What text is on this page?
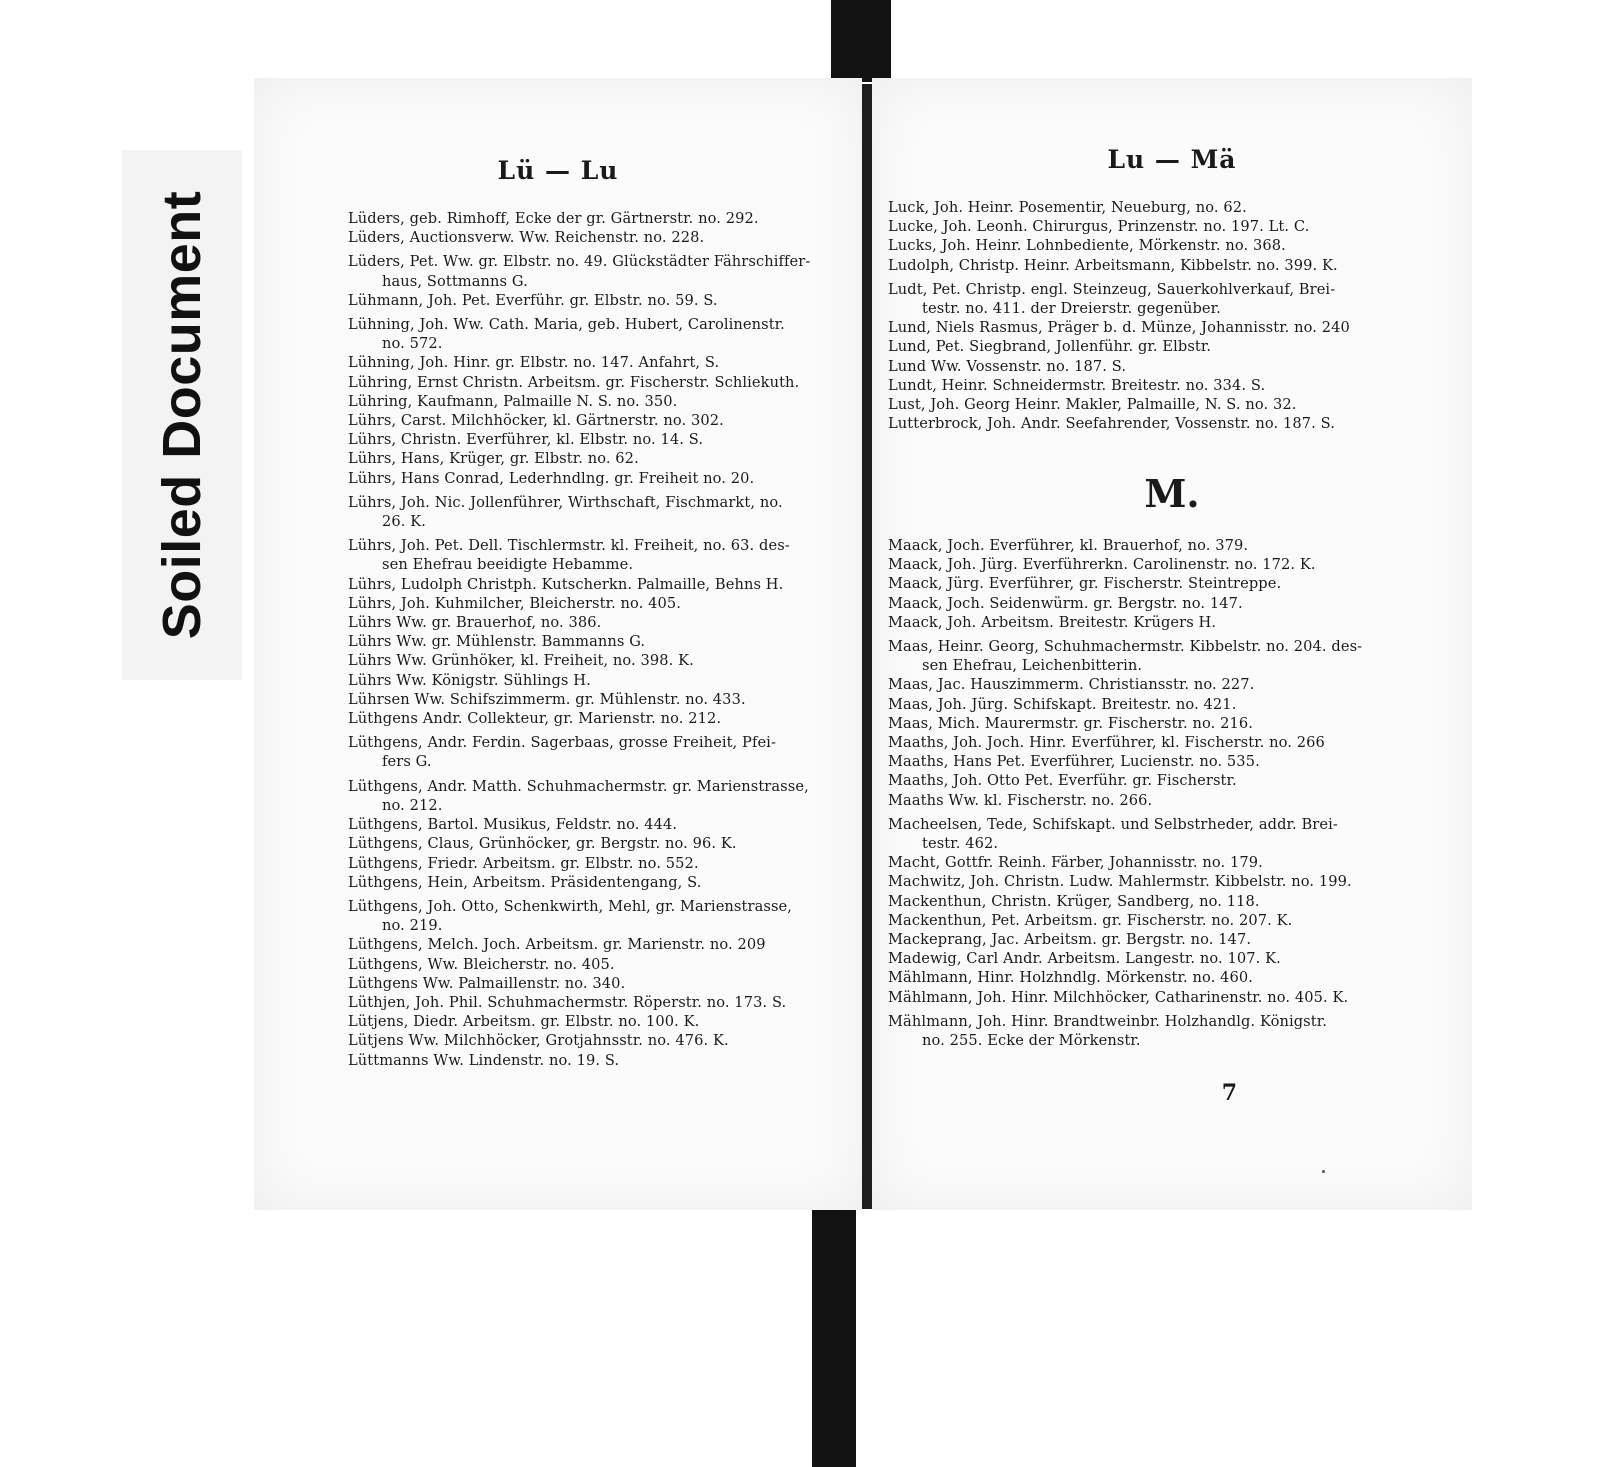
Soiled Document
Lü — Lu
Lüders, geb. Rimhoff, Ecke der gr. Gärtnerstr. no. 292.
Lüders, Auctionsverw. Ww. Reichenstr. no. 228.
Lüders, Pet. Ww. gr. Elbstr. no. 49. Glückstädter Fährschiffer-
haus, Sottmanns G.
Lühmann, Joh. Pet. Everführ. gr. Elbstr. no. 59. S.
Lühning, Joh. Ww. Cath. Maria, geb. Hubert, Carolinenstr.
no. 572.
Lühning, Joh. Hinr. gr. Elbstr. no. 147. Anfahrt, S.
Lühring, Ernst Christn. Arbeitsm. gr. Fischerstr. Schliekuth.
Lühring, Kaufmann, Palmaille N. S. no. 350.
Lührs, Carst. Milchhöcker, kl. Gärtnerstr. no. 302.
Lührs, Christn. Everführer, kl. Elbstr. no. 14. S.
Lührs, Hans, Krüger, gr. Elbstr. no. 62.
Lührs, Hans Conrad, Lederhndlng. gr. Freiheit no. 20.
Lührs, Joh. Nic. Jollenführer, Wirthschaft, Fischmarkt, no.
26. K.
Lührs, Joh. Pet. Dell. Tischlermstr. kl. Freiheit, no. 63. des-
sen Ehefrau beeidigte Hebamme.
Lührs, Ludolph Christph. Kutscherkn. Palmaille, Behns H.
Lührs, Joh. Kuhmilcher, Bleicherstr. no. 405.
Lührs Ww. gr. Brauerhof, no. 386.
Lührs Ww. gr. Mühlenstr. Bammanns G.
Lührs Ww. Grünhöker, kl. Freiheit, no. 398. K.
Lührs Ww. Königstr. Sühlings H.
Lührsen Ww. Schifszimmerm. gr. Mühlenstr. no. 433.
Lüthgens Andr. Collekteur, gr. Marienstr. no. 212.
Lüthgens, Andr. Ferdin. Sagerbaas, grosse Freiheit, Pfei-
fers G.
Lüthgens, Andr. Matth. Schuhmachermstr. gr. Marienstrasse,
no. 212.
Lüthgens, Bartol. Musikus, Feldstr. no. 444.
Lüthgens, Claus, Grünhöcker, gr. Bergstr. no. 96. K.
Lüthgens, Friedr. Arbeitsm. gr. Elbstr. no. 552.
Lüthgens, Hein, Arbeitsm. Präsidentengang, S.
Lüthgens, Joh. Otto, Schenkwirth, Mehl, gr. Marienstrasse,
no. 219.
Lüthgens, Melch. Joch. Arbeitsm. gr. Marienstr. no. 209
Lüthgens, Ww. Bleicherstr. no. 405.
Lüthgens Ww. Palmaillenstr. no. 340.
Lüthjen, Joh. Phil. Schuhmachermstr. Röperstr. no. 173. S.
Lütjens, Diedr. Arbeitsm. gr. Elbstr. no. 100. K.
Lütjens Ww. Milchhöcker, Grotjahnsstr. no. 476. K.
Lüttmanns Ww. Lindenstr. no. 19. S.
Lu — Mä
Luck, Joh. Heinr. Posementir, Neueburg, no. 62.
Lucke, Joh. Leonh. Chirurgus, Prinzenstr. no. 197. Lt. C.
Lucks, Joh. Heinr. Lohnbediente, Mörkenstr. no. 368.
Ludolph, Christp. Heinr. Arbeitsmann, Kibbelstr. no. 399. K.
Ludt, Pet. Christp. engl. Steinzeug, Sauerkohlverkauf, Brei-
testr. no. 411. der Dreierstr. gegenüber.
Lund, Niels Rasmus, Präger b. d. Münze, Johannisstr. no. 240
Lund, Pet. Siegbrand, Jollenführ. gr. Elbstr.
Lund Ww. Vossenstr. no. 187. S.
Lundt, Heinr. Schneidermstr. Breitestr. no. 334. S.
Lust, Joh. Georg Heinr. Makler, Palmaille, N. S. no. 32.
Lutterbrock, Joh. Andr. Seefahrender, Vossenstr. no. 187. S.
M.
Maack, Joch. Everführer, kl. Brauerhof, no. 379.
Maack, Joh. Jürg. Everführerkn. Carolinenstr. no. 172. K.
Maack, Jürg. Everführer, gr. Fischerstr. Steintreppe.
Maack, Joch. Seidenwürm. gr. Bergstr. no. 147.
Maack, Joh. Arbeitsm. Breitestr. Krügers H.
Maas, Heinr. Georg, Schuhmachermstr. Kibbelstr. no. 204. des-
sen Ehefrau, Leichenbitterin.
Maas, Jac. Hauszimmerm. Christiansstr. no. 227.
Maas, Joh. Jürg. Schifskapt. Breitestr. no. 421.
Maas, Mich. Maurermstr. gr. Fischerstr. no. 216.
Maaths, Joh. Joch. Hinr. Everführer, kl. Fischerstr. no. 266
Maaths, Hans Pet. Everführer, Lucienstr. no. 535.
Maaths, Joh. Otto Pet. Everführ. gr. Fischerstr.
Maaths Ww. kl. Fischerstr. no. 266.
Macheelsen, Tede, Schifskapt. und Selbstrheder, addr. Brei-
testr. 462.
Macht, Gottfr. Reinh. Färber, Johannisstr. no. 179.
Machwitz, Joh. Christn. Ludw. Mahlermstr. Kibbelstr. no. 199.
Mackenthun, Christn. Krüger, Sandberg, no. 118.
Mackenthun, Pet. Arbeitsm. gr. Fischerstr. no. 207. K.
Mackeprang, Jac. Arbeitsm. gr. Bergstr. no. 147.
Madewig, Carl Andr. Arbeitsm. Langestr. no. 107. K.
Mählmann, Hinr. Holzhndlg. Mörkenstr. no. 460.
Mählmann, Joh. Hinr. Milchhöcker, Catharinenstr. no. 405. K.
Mählmann, Joh. Hinr. Brandtweinbr. Holzhandlg. Königstr.
no. 255. Ecke der Mörkenstr.
7
